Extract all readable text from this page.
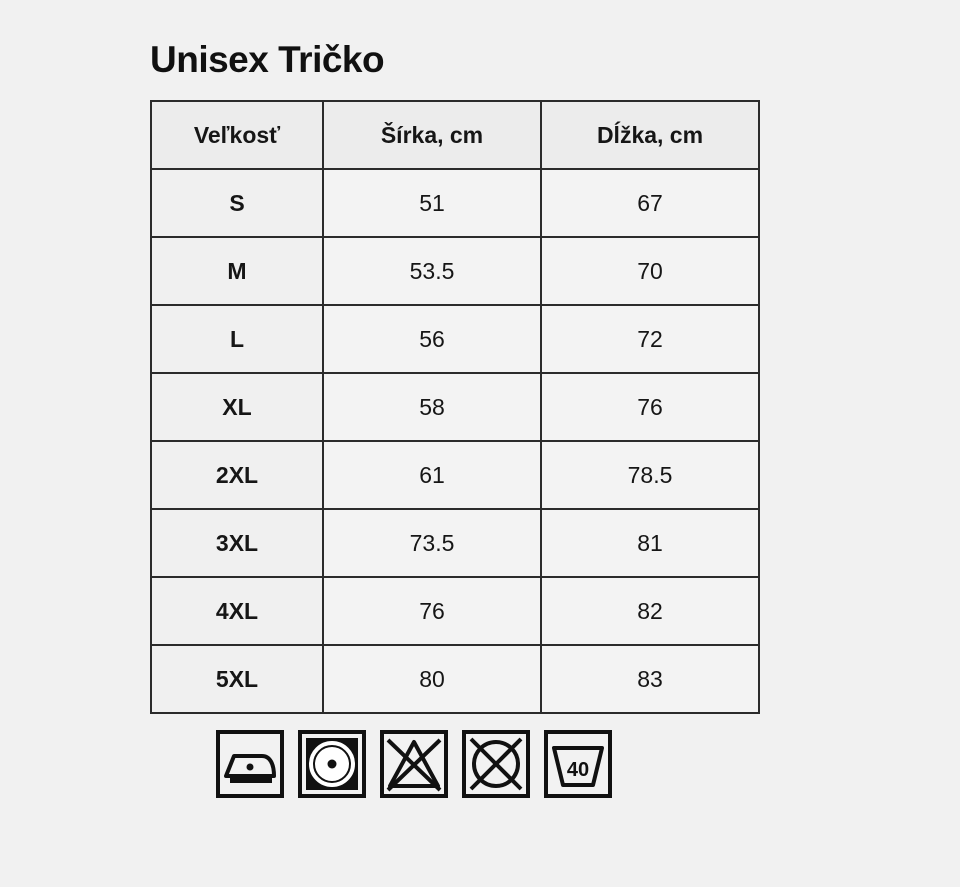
Unisex Tričko
Veľkosť	Šírka, cm	Dĺžka, cm
S	51	67
M	53.5	70
L	56	72
XL	58	76
2XL	61	78.5
3XL	73.5	81
4XL	76	82
5XL	80	83
40
